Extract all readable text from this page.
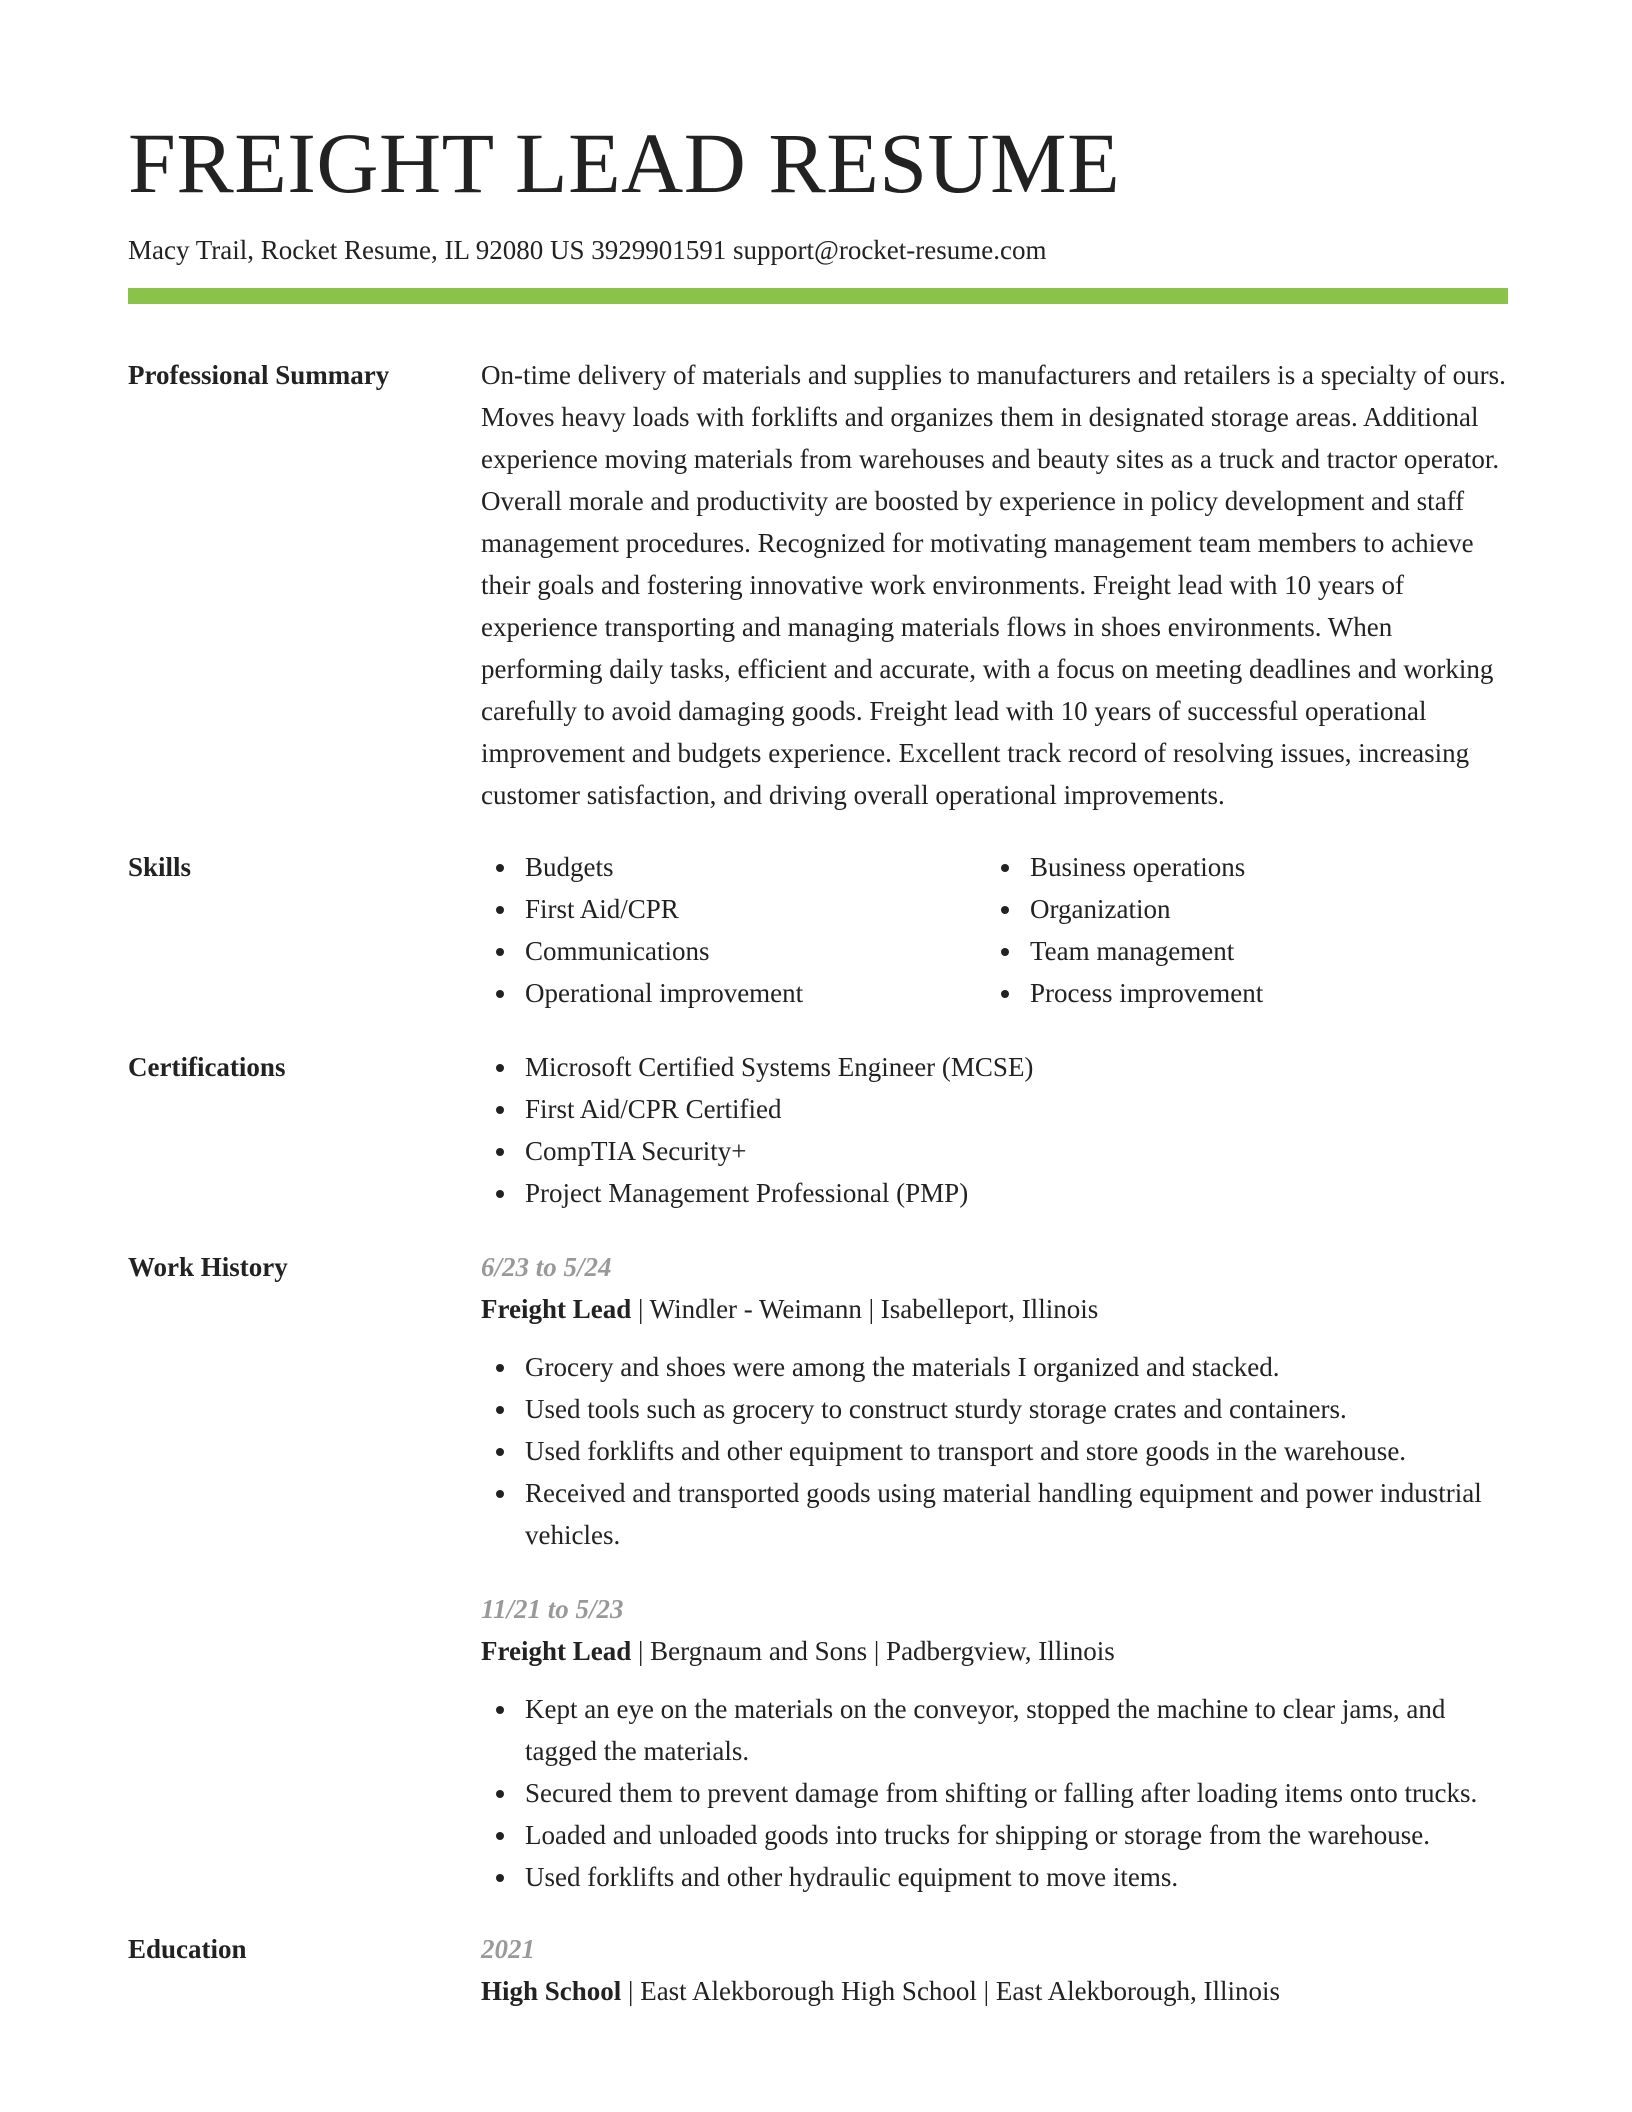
FREIGHT LEAD RESUME
Macy Trail, Rocket Resume, IL 92080 US 3929901591 support@rocket-resume.com
Professional Summary	On-time delivery of materials and supplies to manufacturers and retailers is a specialty of ours. Moves heavy loads with forklifts and organizes them in designated storage areas. Additional experience moving materials from warehouses and beauty sites as a truck and tractor operator. Overall morale and productivity are boosted by experience in policy development and staff management procedures. Recognized for motivating management team members to achieve their goals and fostering innovative work environments. Freight lead with 10 years of experience transporting and managing materials flows in shoes environments. When performing daily tasks, efficient and accurate, with a focus on meeting deadlines and working carefully to avoid damaging goods. Freight lead with 10 years of successful operational improvement and budgets experience. Excellent track record of resolving issues, increasing customer satisfaction, and driving overall operational improvements.

Skills	Budgets
First Aid/CPR
Communications
Operational improvement
Business operations
Organization
Team management
Process improvement
Certifications	Microsoft Certified Systems Engineer (MCSE)
First Aid/CPR Certified
CompTIA Security+
Project Management Professional (PMP)
Work History	6/23 to 5/24
Freight Lead | Windler - Weimann | Isabelleport, Illinois
Grocery and shoes were among the materials I organized and stacked.
Used tools such as grocery to construct sturdy storage crates and containers.
Used forklifts and other equipment to transport and store goods in the warehouse.
Received and transported goods using material handling equipment and power industrial vehicles.
11/21 to 5/23
Freight Lead | Bergnaum and Sons | Padbergview, Illinois
Kept an eye on the materials on the conveyor, stopped the machine to clear jams, and tagged the materials.
Secured them to prevent damage from shifting or falling after loading items onto trucks.
Loaded and unloaded goods into trucks for shipping or storage from the warehouse.
Used forklifts and other hydraulic equipment to move items.
Education	2021
High School | East Alekborough High School | East Alekborough, Illinois
